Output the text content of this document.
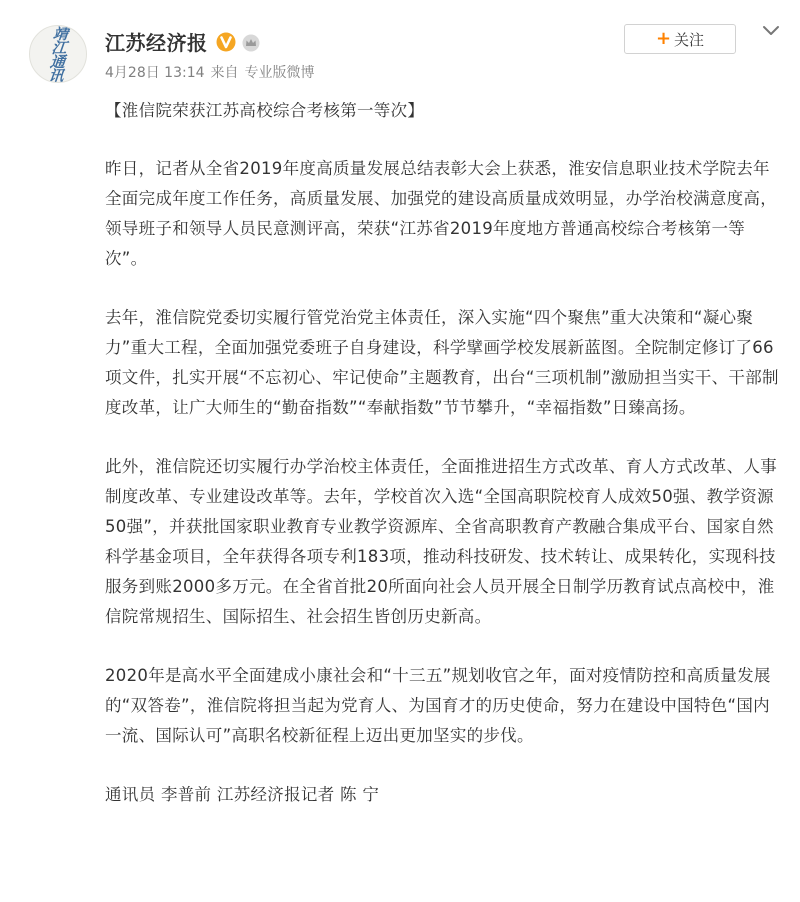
靖江通讯 江苏经济报
4月28日 13:14 来自 专业版微博
+ 关注

【淮信院荣获江苏高校综合考核第一等次】

昨日，记者从全省2019年度高质量发展总结表彰大会上获悉，淮安信息职业技术学院去年全面完成年度工作任务，高质量发展、加强党的建设高质量成效明显，办学治校满意度高，领导班子和领导人员民意测评高，荣获“江苏省2019年度地方普通高校综合考核第一等次”。

去年，淮信院党委切实履行管党治党主体责任，深入实施“四个聚焦”重大决策和“凝心聚力”重大工程，全面加强党委班子自身建设，科学擘画学校发展新蓝图。全院制定修订了66项文件，扎实开展“不忘初心、牢记使命”主题教育，出台“三项机制”激励担当实干、干部制度改革，让广大师生的“勤奋指数”“奉献指数”节节攀升，“幸福指数”日臻高扬。

此外，淮信院还切实履行办学治校主体责任，全面推进招生方式改革、育人方式改革、人事制度改革、专业建设改革等。去年，学校首次入选“全国高职院校育人成效50强、教学资源50强”，并获批国家职业教育专业教学资源库、全省高职教育产教融合集成平台、国家自然科学基金项目，全年获得各项专利183项，推动科技研发、技术转让、成果转化，实现科技服务到账2000多万元。在全省首批20所面向社会人员开展全日制学历教育试点高校中，淮信院常规招生、国际招生、社会招生皆创历史新高。

2020年是高水平全面建成小康社会和“十三五”规划收官之年，面对疫情防控和高质量发展的“双答卷”，淮信院将担当起为党育人、为国育才的历史使命，努力在建设中国特色“国内一流、国际认可”高职名校新征程上迈出更加坚实的步伐。

通讯员 李普前 江苏经济报记者 陈 宁
